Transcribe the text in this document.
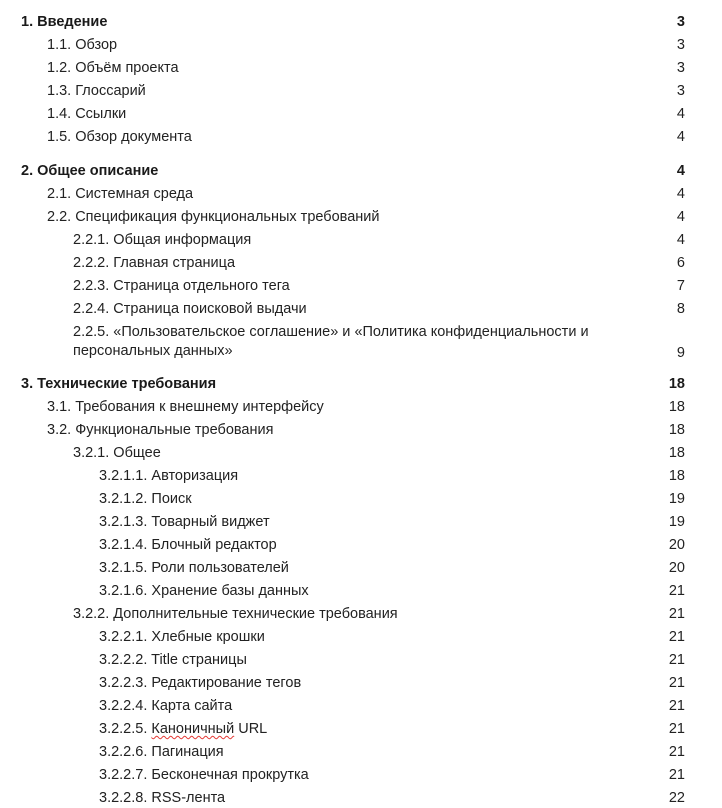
1. Введение	3
1.1. Обзор	3
1.2. Объём проекта	3
1.3. Глоссарий	3
1.4. Ссылки	4
1.5. Обзор документа	4
2. Общее описание	4
2.1. Системная среда	4
2.2. Спецификация функциональных требований	4
2.2.1. Общая информация	4
2.2.2. Главная страница	6
2.2.3. Страница отдельного тега	7
2.2.4. Страница поисковой выдачи	8
2.2.5. «Пользовательское соглашение» и «Политика конфиденциальности и персональных данных»	9
3. Технические требования	18
3.1. Требования к внешнему интерфейсу	18
3.2. Функциональные требования	18
3.2.1. Общее	18
3.2.1.1. Авторизация	18
3.2.1.2. Поиск	19
3.2.1.3. Товарный виджет	19
3.2.1.4. Блочный редактор	20
3.2.1.5. Роли пользователей	20
3.2.1.6. Хранение базы данных	21
3.2.2. Дополнительные технические требования	21
3.2.2.1. Хлебные крошки	21
3.2.2.2. Title страницы	21
3.2.2.3. Редактирование тегов	21
3.2.2.4. Карта сайта	21
3.2.2.5. Каноничный URL	21
3.2.2.6. Пагинация	21
3.2.2.7. Бесконечная прокрутка	21
3.2.2.8. RSS-лента	22
